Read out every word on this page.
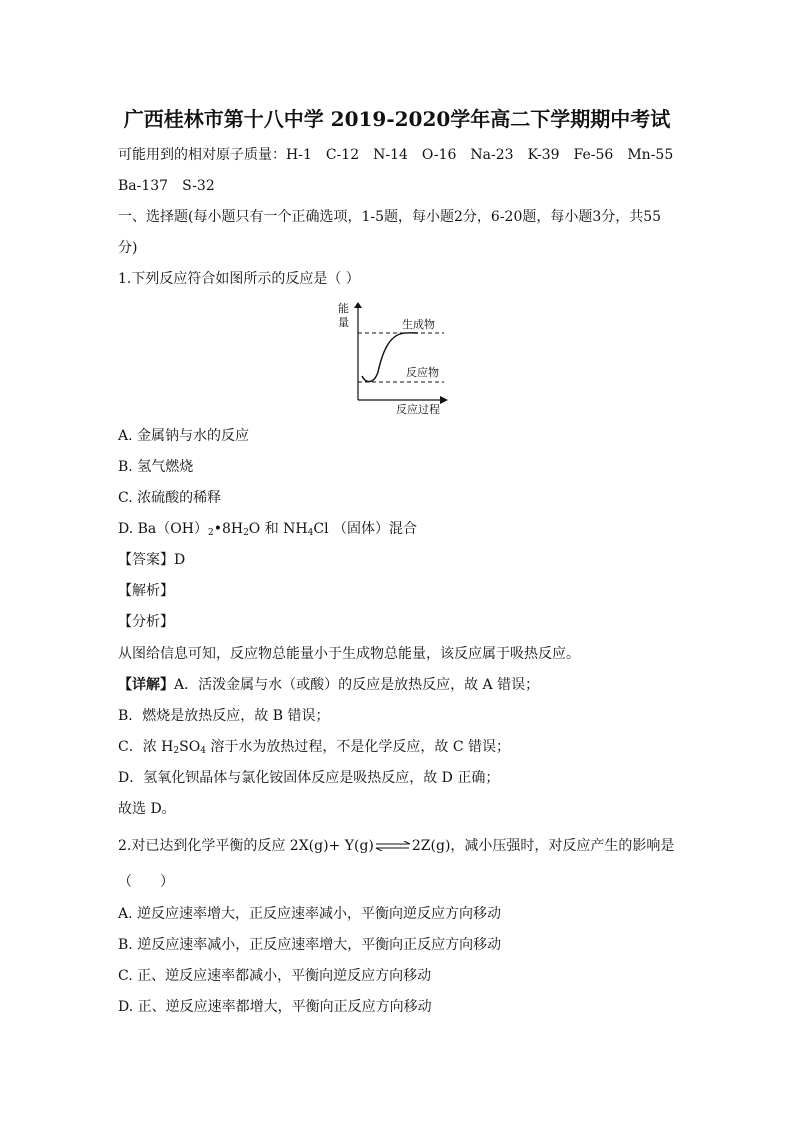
广西桂林市第十八中学 2019-2020学年高二下学期期中考试
可能用到的相对原子质量：H-1　C-12　N-14　O-16　Na-23　K-39　Fe-56　Mn-55
Ba-137　S-32
一、选择题(每小题只有一个正确选项，1-5题，每小题2分，6-20题，每小题3分，共55
分)
1.下列反应符合如图所示的反应是（ ）
能
量	生成物
反应物
反应过程
A. 金属钠与水的反应
B. 氢气燃烧
C. 浓硫酸的稀释
D. $Ba(OH)_2•8H_2O$ 和 $NH_4Cl$ （固体）混合
【答案】D
【解析】
【分析】
从图给信息可知，反应物总能量小于生成物总能量，该反应属于吸热反应。
【详解】A．活泼金属与水（或酸）的反应是放热反应，故 A 错误；
B．燃烧是放热反应，故 B 错误；
C．浓 $H_2SO_4$ 溶于水为放热过程，不是化学反应，故 C 错误；
D．氢氧化钡晶体与氯化铵固体反应是吸热反应，故 D 正确；
故选 D。
2.对已达到化学平衡的反应 2X(g)+ Y(g)⇌2Z(g)，减小压强时，对反应产生的影响是
（　　）
A. 逆反应速率增大，正反应速率减小，平衡向逆反应方向移动
B. 逆反应速率减小，正反应速率增大，平衡向正反应方向移动
C. 正、逆反应速率都减小，平衡向逆反应方向移动
D. 正、逆反应速率都增大，平衡向正反应方向移动
